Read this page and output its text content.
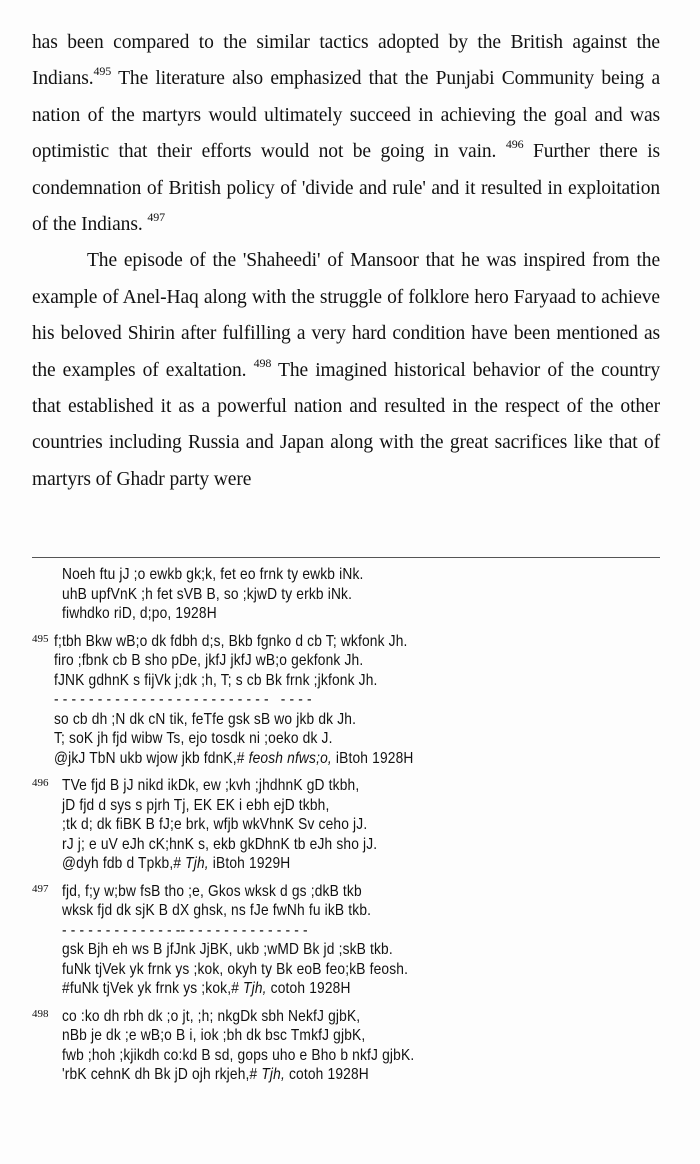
has been compared to the similar tactics adopted by the British against the Indians.$^{495}$ The literature also emphasized that the Punjabi Community being a nation of the martyrs would ultimately succeed in achieving the goal and was optimistic that their efforts would not be going in vain. $^{496}$ Further there is condemnation of British policy of 'divide and rule' and it resulted in exploitation of the Indians. $^{497}$

The episode of the 'Shaheedi' of Mansoor that he was inspired from the example of Anel-Haq along with the struggle of folklore hero Faryaad to achieve his beloved Shirin after fulfilling a very hard condition have been mentioned as the examples of exaltation. $^{498}$ The imagined historical behavior of the country that established it as a powerful nation and resulted in the respect of the other countries including Russia and Japan along with the great sacrifices like that of martyrs of Ghadr party were

Noeh ftu jJ ;o ewkb gk;k, fet eo frnk ty ewkb iNk.
uhB upfVnK ;h fet sVB B, so ;kjwD ty erkb iNk.
fiwhdko riD, d;po, 1928H
495 f;tbh Bkw wB;o dk fdbh d;s, Bkb fgnko d cb T; wkfonk Jh.
firo ;fbnk cb B sho pDe, jkfJ jkfJ wB;o gekfonk Jh.
fJNK gdhnK s fijVk j;dk ;h, T; s cb Bk frnk ;jkfonk Jh.
- - - - - - - - - - - - - - - - - - - - - - - - -   - - - -
so cb dh ;N dk cN tik, feTfe gsk sB wo jkb dk Jh.
T; soK jh fjd wibw Ts, ejo tosdk ni ;oeko dk J.
@jkJ TbN ukb wjow jkb fdnK,# feosh nfws;o, iBtoh 1928H
496 TVe fjd B jJ nikd ikDk, ew ;kvh ;jhdhnK gD tkbh,
jD fjd d sys s pjrh Tj, EK EK i ebh ejD tkbh,
;tk d; dk fiBK B fJ;e brk, wfjb wkVhnK Sv ceho jJ.
rJ j; e uV eJh cK;hnK s, ekb gkDhnK tb eJh sho jJ.
@dyh fdb d Tpkb,# Tjh, iBtoh 1929H
497 fjd, f;y w;bw fsB tho ;e, Gkos wksk d gs ;dkB tkb
wksk fjd dk sjK B dX ghsk, ns fJe fwNh fu ikB tkb.
- - - - - - - - - - - - - -- - - - - - - - - - - - - - -
gsk Bjh eh ws B jfJnk JjBK, ukb ;wMD Bk jd ;skB tkb.
fuNk tjVek yk frnk ys ;kok, okyh ty Bk eoB feo;kB feosh.
#fuNk tjVek yk frnk ys ;kok,# Tjh, cotoh 1928H
498 co :ko dh rbh dk ;o jt, ;h; nkgDk sbh NekfJ gjbK,
nBb je dk ;e wB;o B i, iok ;bh dk bsc TmkfJ gjbK,
fwb ;hoh ;kjikdh co:kd B sd, gops uho e Bho b nkfJ gjbK.
'rbK cehnK dh Bk jD ojh rkjeh,# Tjh, cotoh 1928H
